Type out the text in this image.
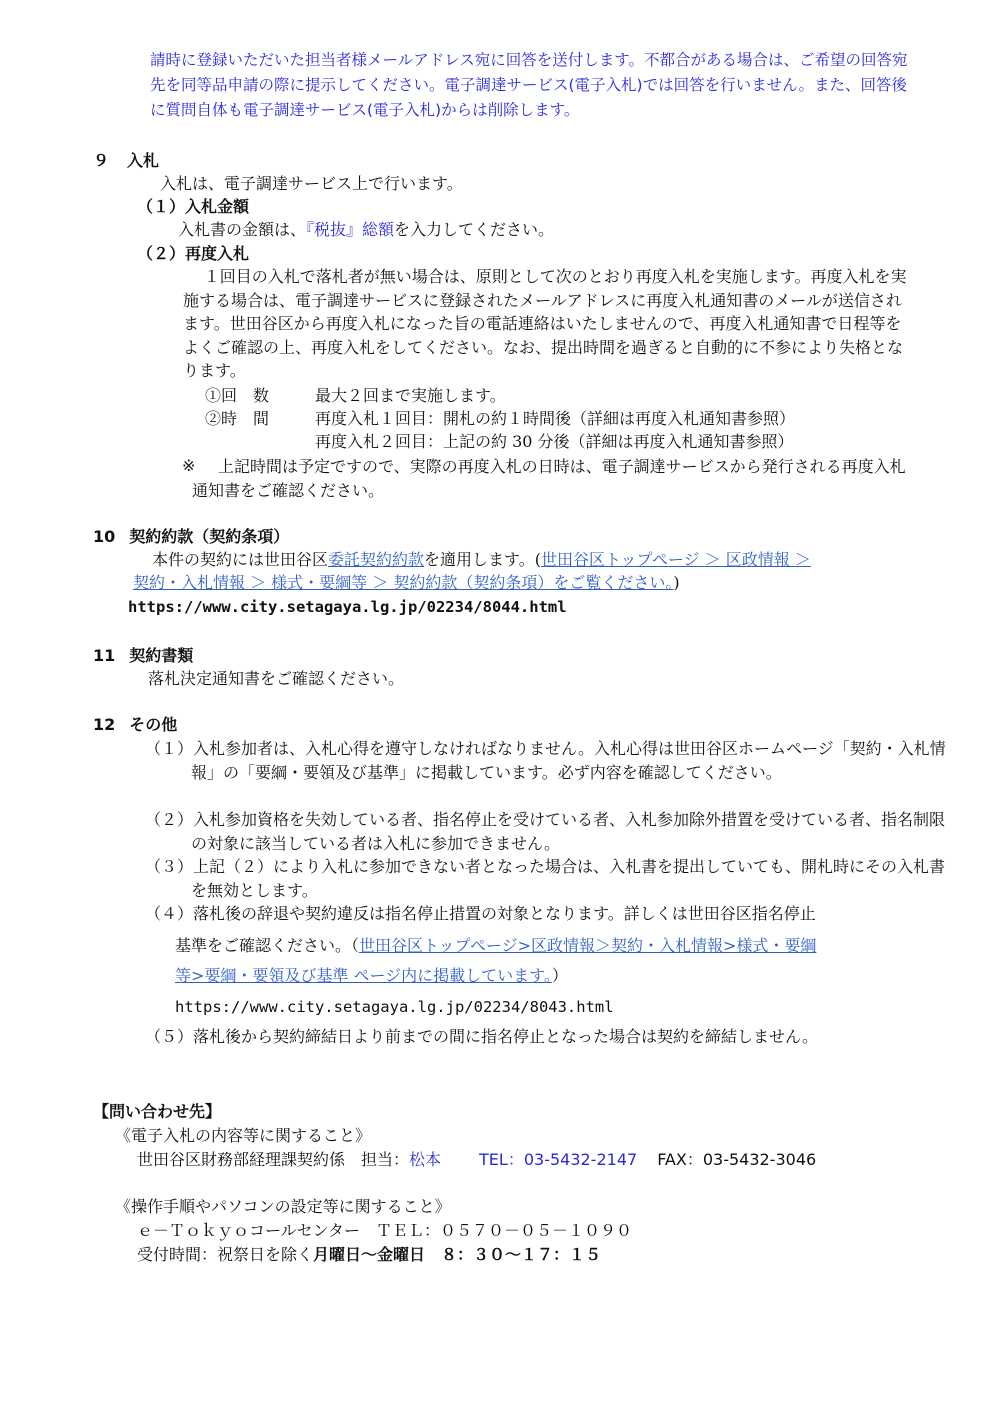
請時に登録いただいた担当者様メールアドレス宛に回答を送付します。不都合がある場合は、ご希望の回答宛先を同等品申請の際に提示してください。電子調達サービス(電子入札)では回答を行いません。また、回答後に質問自体も電子調達サービス(電子入札)からは削除します。
９ 入札
入札は、電子調達サービス上で行います。
（１）入札金額
入札書の金額は、『税抜』総額を入力してください。
（２）再度入札
１回目の入札で落札者が無い場合は、原則として次のとおり再度入札を実施します。再度入札を実施する場合は、電子調達サービスに登録されたメールアドレスに再度入札通知書のメールが送信されます。世田谷区から再度入札になった旨の電話連絡はいたしませんので、再度入札通知書で日程等をよくご確認の上、再度入札をしてください。なお、提出時間を過ぎると自動的に不参により失格となります。
①回　数	最大２回まで実施します。
②時　間	再度入札１回目：開札の約１時間後（詳細は再度入札通知書参照）
再度入札２回目：上記の約 30 分後（詳細は再度入札通知書参照）
※	上記時間は予定ですので、実際の再度入札の日時は、電子調達サービスから発行される再度入札通知書をご確認ください。
10 契約約款（契約条項）
本件の契約には世田谷区委託契約約款を適用します。(世田谷区トップページ ＞ 区政情報 ＞
契約・入札情報 ＞ 様式・要綱等 ＞ 契約約款（契約条項）をご覧ください。)
https://www.city.setagaya.lg.jp/02234/8044.html
11 契約書類
落札決定通知書をご確認ください。
12 その他
（１）入札参加者は、入札心得を遵守しなければなりません。入札心得は世田谷区ホームページ「契約・入札情報」の「要綱・要領及び基準」に掲載しています。必ず内容を確認してください。
（２）入札参加資格を失効している者、指名停止を受けている者、入札参加除外措置を受けている者、指名制限の対象に該当している者は入札に参加できません。
（３）上記（２）により入札に参加できない者となった場合は、入札書を提出していても、開札時にその入札書を無効とします。
（４）落札後の辞退や契約違反は指名停止措置の対象となります。詳しくは世田谷区指名停止
基準をご確認ください。（世田谷区トップページ>区政情報＞契約・入札情報>様式・要綱
等>要綱・要領及び基準 ページ内に掲載しています。）
https://www.city.setagaya.lg.jp/02234/8043.html
（５）落札後から契約締結日より前までの間に指名停止となった場合は契約を締結しません。
【問い合わせ先】
《電子入札の内容等に関すること》
世田谷区財務部経理課契約係　担当：松本 TEL：03-5432-2147 FAX：03-5432-3046
《操作手順やパソコンの設定等に関すること》
ｅ－Ｔｏｋｙｏコールセンター　ＴＥＬ：０５７０－０５－１０９０
受付時間：祝祭日を除く月曜日～金曜日　８：３０～１７：１５
